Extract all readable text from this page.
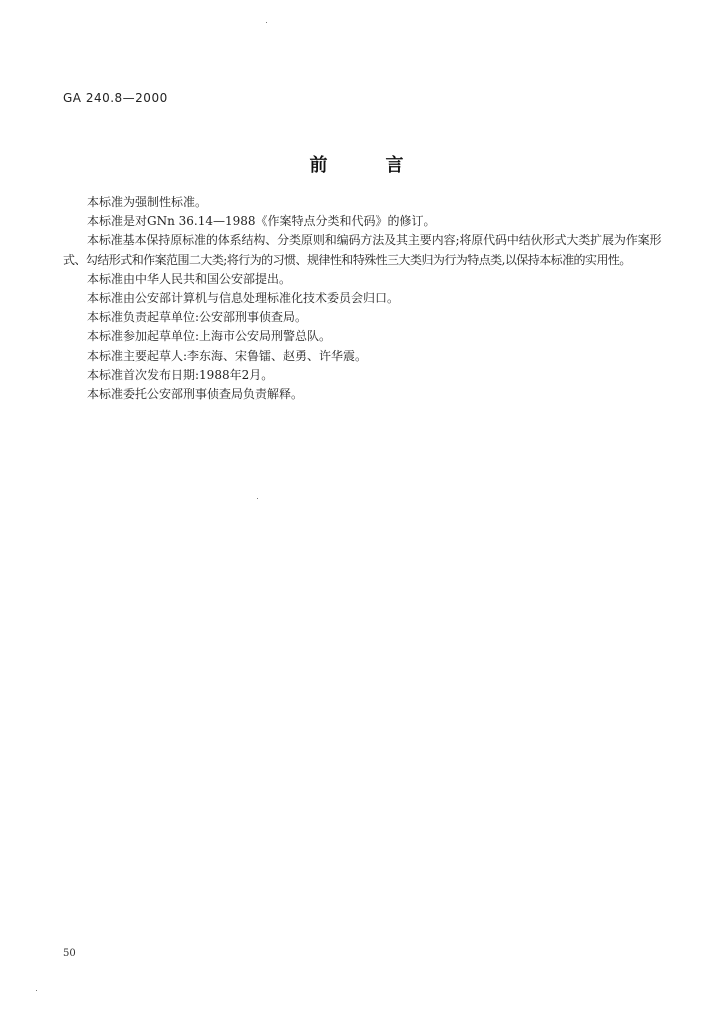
GA 240.8—2000
前	言

本标准为强制性标准。

本标准是对GNn 36.14—1988《作案特点分类和代码》的修订。

本标准基本保持原标准的体系结构、分类原则和编码方法及其主要内容;将原代码中结伙形式大类扩展为作案形式、勾结形式和作案范围二大类;将行为的习惯、规律性和特殊性三大类归为行为特点类,以保持本标准的实用性。

本标准由中华人民共和国公安部提出。

本标准由公安部计算机与信息处理标准化技术委员会归口。

本标准负责起草单位:公安部刑事侦查局。

本标准参加起草单位:上海市公安局刑警总队。

本标准主要起草人:李东海、宋鲁镭、赵勇、许华震。

本标准首次发布日期:1988年2月。

本标准委托公安部刑事侦查局负责解释。

50
